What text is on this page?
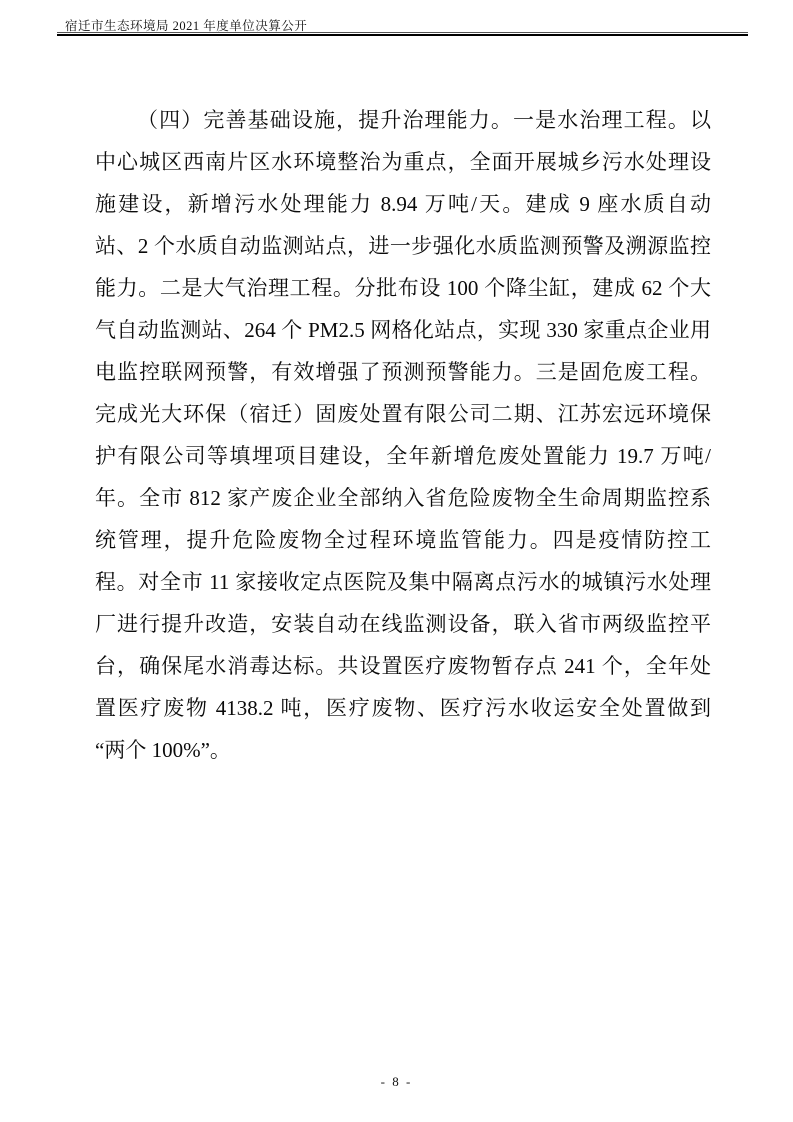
宿迁市生态环境局 2021 年度单位决算公开
（四）完善基础设施，提升治理能力。一是水治理工程。以
中心城区西南片区水环境整治为重点，全面开展城乡污水处理设
施建设，新增污水处理能力 8.94 万吨/天。建成 9 座水质自动
站、2 个水质自动监测站点，进一步强化水质监测预警及溯源监控
能力。二是大气治理工程。分批布设 100 个降尘缸，建成 62 个大
气自动监测站、264 个 PM2.5 网格化站点，实现 330 家重点企业用
电监控联网预警，有效增强了预测预警能力。三是固危废工程。
完成光大环保（宿迁）固废处置有限公司二期、江苏宏远环境保
护有限公司等填埋项目建设，全年新增危废处置能力 19.7 万吨/
年。全市 812 家产废企业全部纳入省危险废物全生命周期监控系
统管理，提升危险废物全过程环境监管能力。四是疫情防控工
程。对全市 11 家接收定点医院及集中隔离点污水的城镇污水处理
厂进行提升改造，安装自动在线监测设备，联入省市两级监控平
台，确保尾水消毒达标。共设置医疗废物暂存点 241 个，全年处
置医疗废物 4138.2 吨，医疗废物、医疗污水收运安全处置做到
“两个 100%”。
- 8 -
